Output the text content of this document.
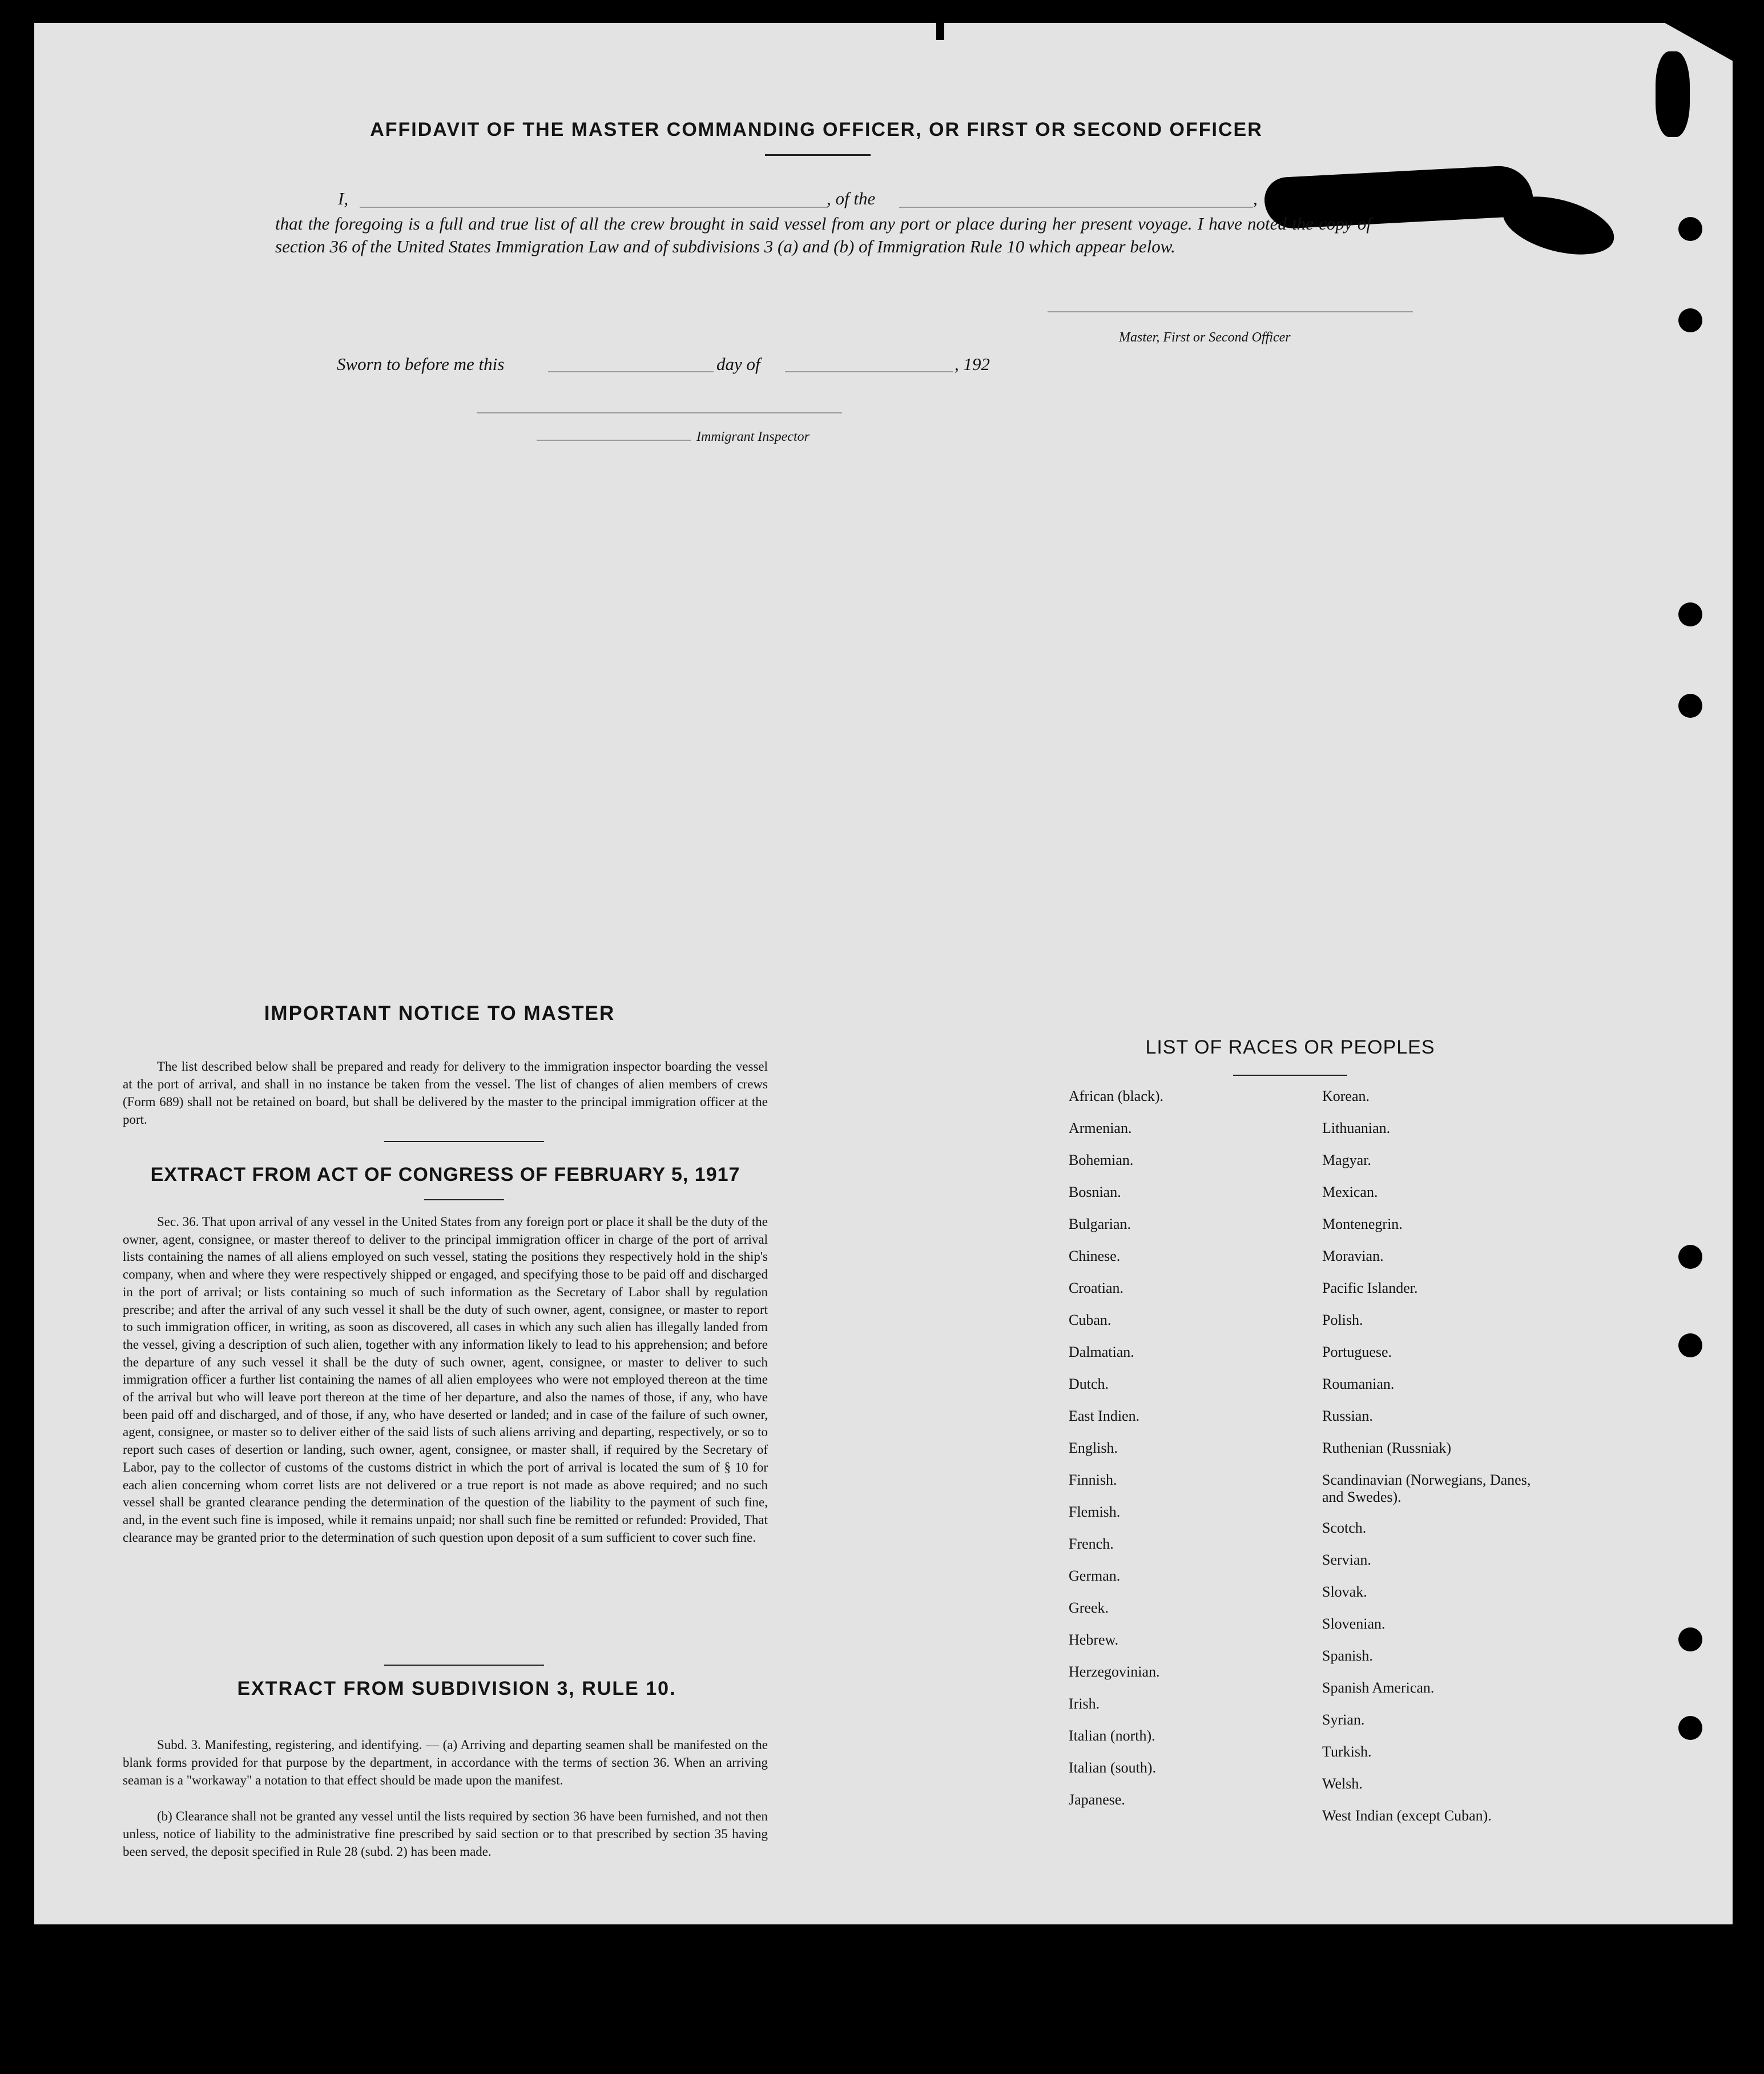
AFFIDAVIT OF THE MASTER COMMANDING OFFICER, OR FIRST OR SECOND OFFICER
I,	, of the	,
that the foregoing is a full and true list of all the crew brought in said vessel from any port or place during her present voyage. I have noted the copy of section 36 of the United States Immigration Law and of subdivisions 3 (a) and (b) of Immigration Rule 10 which appear below.
Master, First or Second Officer
Sworn to before me this	day of	, 192
Immigrant Inspector
IMPORTANT NOTICE TO MASTER
The list described below shall be prepared and ready for delivery to the immigration inspector boarding the vessel at the port of arrival, and shall in no instance be taken from the vessel. The list of changes of alien members of crews (Form 689) shall not be retained on board, but shall be delivered by the master to the principal immigration officer at the port.
EXTRACT FROM ACT OF CONGRESS OF FEBRUARY 5, 1917
Sec. 36. That upon arrival of any vessel in the United States from any foreign port or place it shall be the duty of the owner, agent, consignee, or master thereof to deliver to the principal immigration officer in charge of the port of arrival lists containing the names of all aliens employed on such vessel, stating the positions they respectively hold in the ship's company, when and where they were respectively shipped or engaged, and specifying those to be paid off and discharged in the port of arrival; or lists containing so much of such information as the Secretary of Labor shall by regulation prescribe; and after the arrival of any such vessel it shall be the duty of such owner, agent, consignee, or master to report to such immigration officer, in writing, as soon as discovered, all cases in which any such alien has illegally landed from the vessel, giving a description of such alien, together with any information likely to lead to his apprehension; and before the departure of any such vessel it shall be the duty of such owner, agent, consignee, or master to deliver to such immigration officer a further list containing the names of all alien employees who were not employed thereon at the time of the arrival but who will leave port thereon at the time of her departure, and also the names of those, if any, who have been paid off and discharged, and of those, if any, who have deserted or landed; and in case of the failure of such owner, agent, consignee, or master so to deliver either of the said lists of such aliens arriving and departing, respectively, or so to report such cases of desertion or landing, such owner, agent, consignee, or master shall, if required by the Secretary of Labor, pay to the collector of customs of the customs district in which the port of arrival is located the sum of § 10 for each alien concerning whom corret lists are not delivered or a true report is not made as above required; and no such vessel shall be granted clearance pending the determination of the question of the liability to the payment of such fine, and, in the event such fine is imposed, while it remains unpaid; nor shall such fine be remitted or refunded: Provided, That clearance may be granted prior to the determination of such question upon deposit of a sum sufficient to cover such fine.
EXTRACT FROM SUBDIVISION 3, RULE 10.
Subd. 3. Manifesting, registering, and identifying. — (a) Arriving and departing seamen shall be manifested on the blank forms provided for that purpose by the department, in accordance with the terms of section 36. When an arriving seaman is a "workaway" a notation to that effect should be made upon the manifest.
(b) Clearance shall not be granted any vessel until the lists required by section 36 have been furnished, and not then unless, notice of liability to the administrative fine prescribed by said section or to that prescribed by section 35 having been served, the deposit specified in Rule 28 (subd. 2) has been made.
LIST OF RACES OR PEOPLES
African (black).
Armenian.
Bohemian.
Bosnian.
Bulgarian.
Chinese.
Croatian.
Cuban.
Dalmatian.
Dutch.
East Indien.
English.
Finnish.
Flemish.
French.
German.
Greek.
Hebrew.
Herzegovinian.
Irish.
Italian (north).
Italian (south).
Japanese.
Korean.
Lithuanian.
Magyar.
Mexican.
Montenegrin.
Moravian.
Pacific Islander.
Polish.
Portuguese.
Roumanian.
Russian.
Ruthenian (Russniak)
Scandinavian (Norwegians, Danes, and Swedes).
Scotch.
Servian.
Slovak.
Slovenian.
Spanish.
Spanish American.
Syrian.
Turkish.
Welsh.
West Indian (except Cuban).
